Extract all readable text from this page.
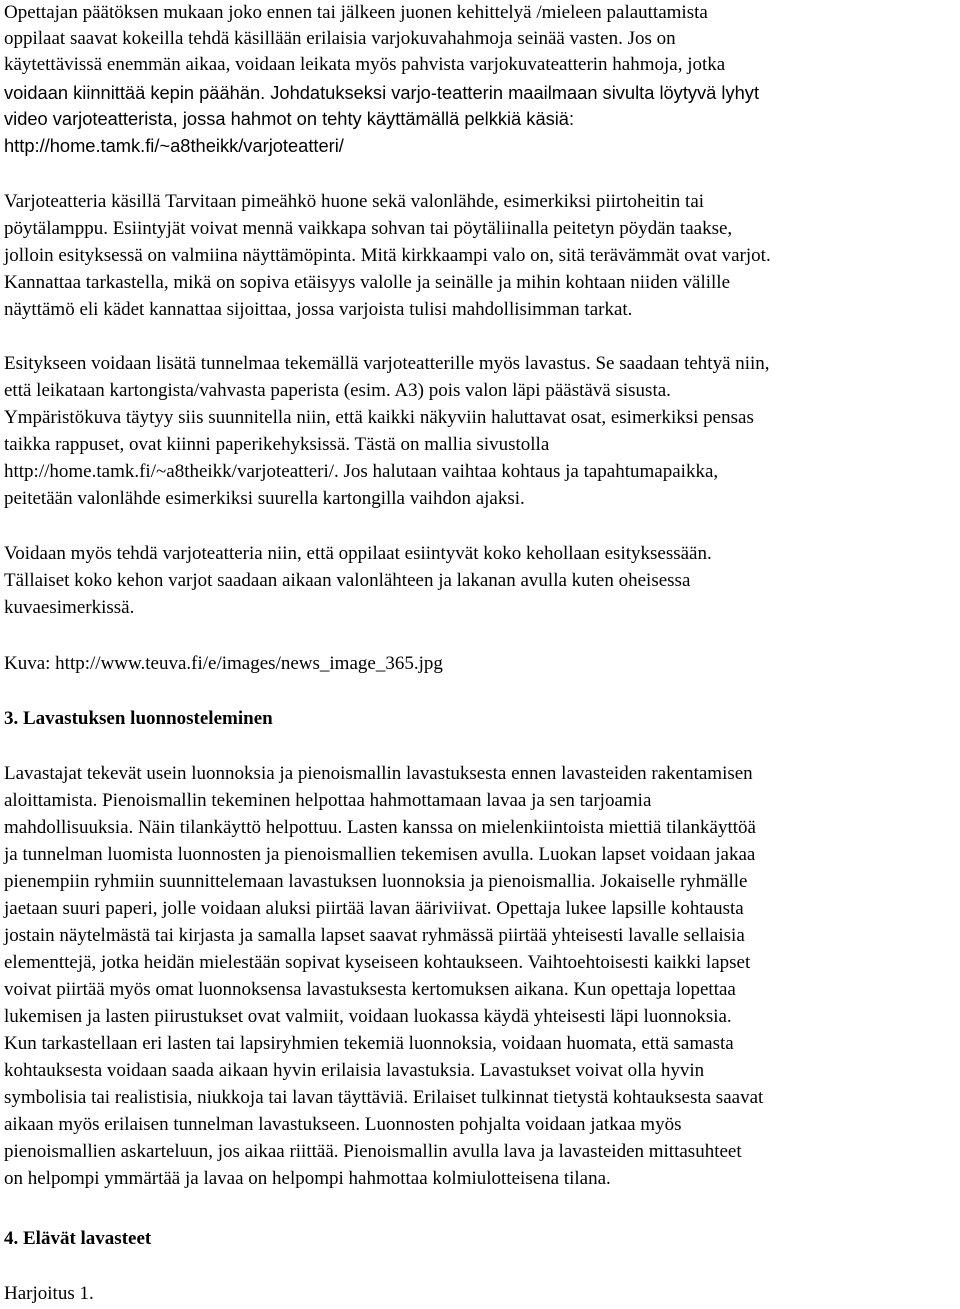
Opettajan päätöksen mukaan joko ennen tai jälkeen juonen kehittelyä /mieleen palauttamista
oppilaat saavat kokeilla tehdä käsillään erilaisia varjokuvahahmoja seinää vasten. Jos on
käytettävissä enemmän aikaa, voidaan leikata myös pahvista varjokuvateatterin hahmoja, jotka
voidaan kiinnittää kepin päähän. Johdatukseksi varjo-teatterin maailmaan sivulta löytyvä lyhyt
video varjoteatterista, jossa hahmot on tehty käyttämällä pelkkiä käsiä:
http://home.tamk.fi/~a8theikk/varjoteatteri/
Varjoteatteria käsillä Tarvitaan pimeähkö huone sekä valonlähde, esimerkiksi piirtoheitin tai
pöytälamppu. Esiintyjät voivat mennä vaikkapa sohvan tai pöytäliinalla peitetyn pöydän taakse,
jolloin esityksessä on valmiina näyttämöpinta. Mitä kirkkaampi valo on, sitä terävämmät ovat varjot.
Kannattaa tarkastella, mikä on sopiva etäisyys valolle ja seinälle ja mihin kohtaan niiden välille
näyttämö eli kädet kannattaa sijoittaa, jossa varjoista tulisi mahdollisimman tarkat.
Esitykseen voidaan lisätä tunnelmaa tekemällä varjoteatterille myös lavastus. Se saadaan tehtyä niin,
että leikataan kartongista/vahvasta paperista (esim. A3) pois valon läpi päästävä sisusta.
Ympäristökuva täytyy siis suunnitella niin, että kaikki näkyviin haluttavat osat, esimerkiksi pensas
taikka rappuset, ovat kiinni paperikehyksissä. Tästä on mallia sivustolla
http://home.tamk.fi/~a8theikk/varjoteatteri/. Jos halutaan vaihtaa kohtaus ja tapahtumapaikka,
peitetään valonlähde esimerkiksi suurella kartongilla vaihdon ajaksi.
Voidaan myös tehdä varjoteatteria niin, että oppilaat esiintyvät koko kehollaan esityksessään.
Tällaiset koko kehon varjot saadaan aikaan valonlähteen ja lakanan avulla kuten oheisessa
kuvaesimerkissä.
Kuva: http://www.teuva.fi/e/images/news_image_365.jpg
3. Lavastuksen luonnosteleminen
Lavastajat tekevät usein luonnoksia ja pienoismallin lavastuksesta ennen lavasteiden rakentamisen
aloittamista. Pienoismallin tekeminen helpottaa hahmottamaan lavaa ja sen tarjoamia
mahdollisuuksia. Näin tilankäyttö helpottuu. Lasten kanssa on mielenkiintoista miettiä tilankäyttöä
ja tunnelman luomista luonnosten ja pienoismallien tekemisen avulla. Luokan lapset voidaan jakaa
pienempiin ryhmiin suunnittelemaan lavastuksen luonnoksia ja pienoismallia. Jokaiselle ryhmälle
jaetaan suuri paperi, jolle voidaan aluksi piirtää lavan ääriviivat. Opettaja lukee lapsille kohtausta
jostain näytelmästä tai kirjasta ja samalla lapset saavat ryhmässä piirtää yhteisesti lavalle sellaisia
elementtejä, jotka heidän mielestään sopivat kyseiseen kohtaukseen. Vaihtoehtoisesti kaikki lapset
voivat piirtää myös omat luonnoksensa lavastuksesta kertomuksen aikana. Kun opettaja lopettaa
lukemisen ja lasten piirustukset ovat valmiit, voidaan luokassa käydä yhteisesti läpi luonnoksia.
Kun tarkastellaan eri lasten tai lapsiryhmien tekemiä luonnoksia, voidaan huomata, että samasta
kohtauksesta voidaan saada aikaan hyvin erilaisia lavastuksia. Lavastukset voivat olla hyvin
symbolisia tai realistisia, niukkoja tai lavan täyttäviä. Erilaiset tulkinnat tietystä kohtauksesta saavat
aikaan myös erilaisen tunnelman lavastukseen. Luonnosten pohjalta voidaan jatkaa myös
pienoismallien askarteluun, jos aikaa riittää. Pienoismallin avulla lava ja lavasteiden mittasuhteet
on helpompi ymmärtää ja lavaa on helpompi hahmottaa kolmiulotteisena tilana.
4. Elävät lavasteet
Harjoitus 1.
